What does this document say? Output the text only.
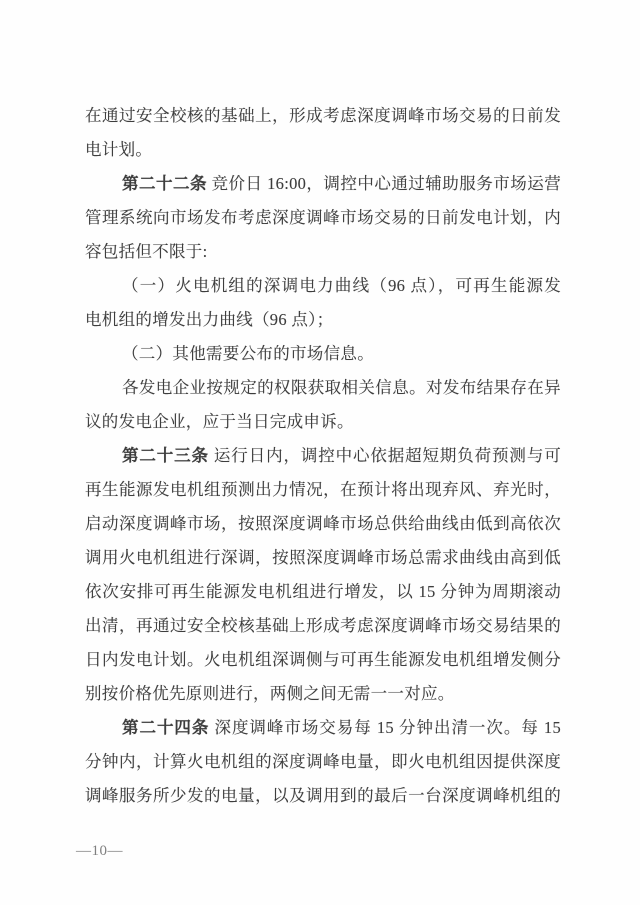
在通过安全校核的基础上，形成考虑深度调峰市场交易的日前发
电计划。
第二十二条 竞价日 16:00，调控中心通过辅助服务市场运营
管理系统向市场发布考虑深度调峰市场交易的日前发电计划，内
容包括但不限于:
（一）火电机组的深调电力曲线（96 点），可再生能源发
电机组的增发出力曲线（96 点）；
（二）其他需要公布的市场信息。
各发电企业按规定的权限获取相关信息。对发布结果存在异
议的发电企业，应于当日完成申诉。
第二十三条 运行日内，调控中心依据超短期负荷预测与可
再生能源发电机组预测出力情况，在预计将出现弃风、弃光时，
启动深度调峰市场，按照深度调峰市场总供给曲线由低到高依次
调用火电机组进行深调，按照深度调峰市场总需求曲线由高到低
依次安排可再生能源发电机组进行增发，以 15 分钟为周期滚动
出清，再通过安全校核基础上形成考虑深度调峰市场交易结果的
日内发电计划。火电机组深调侧与可再生能源发电机组增发侧分
别按价格优先原则进行，两侧之间无需一一对应。
第二十四条 深度调峰市场交易每 15 分钟出清一次。每 15
分钟内，计算火电机组的深度调峰电量，即火电机组因提供深度
调峰服务所少发的电量，以及调用到的最后一台深度调峰机组的
—10—
